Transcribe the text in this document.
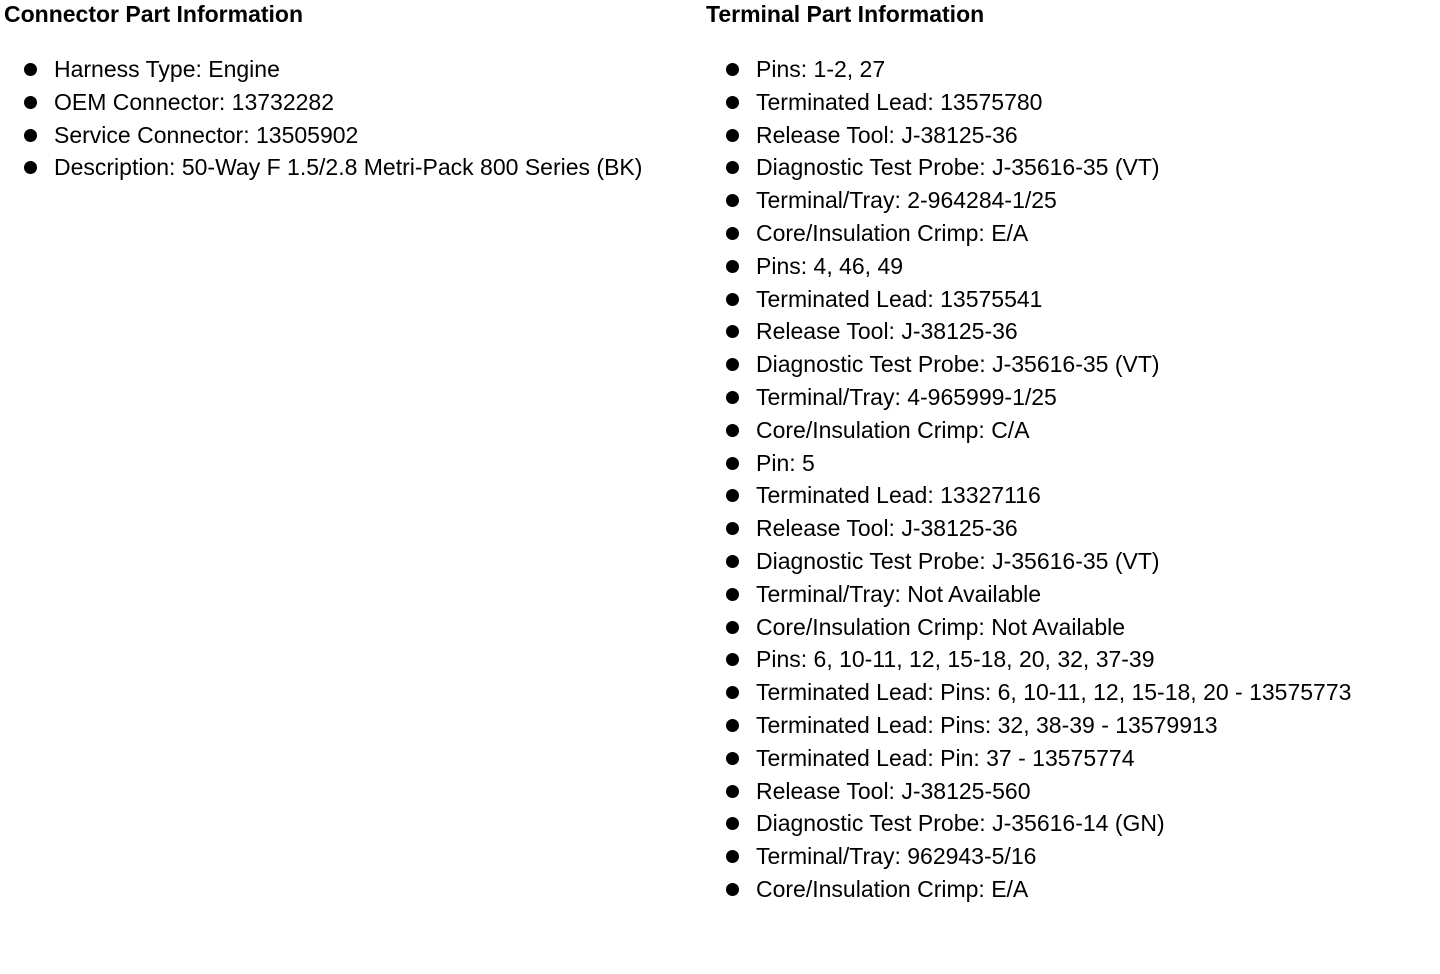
Connector Part Information
Harness Type: Engine
OEM Connector: 13732282
Service Connector: 13505902
Description: 50-Way F 1.5/2.8 Metri-Pack 800 Series (BK)
Terminal Part Information
Pins: 1-2, 27
Terminated Lead: 13575780
Release Tool: J-38125-36
Diagnostic Test Probe: J-35616-35 (VT)
Terminal/Tray: 2-964284-1/25
Core/Insulation Crimp: E/A
Pins: 4, 46, 49
Terminated Lead: 13575541
Release Tool: J-38125-36
Diagnostic Test Probe: J-35616-35 (VT)
Terminal/Tray: 4-965999-1/25
Core/Insulation Crimp: C/A
Pin: 5
Terminated Lead: 13327116
Release Tool: J-38125-36
Diagnostic Test Probe: J-35616-35 (VT)
Terminal/Tray: Not Available
Core/Insulation Crimp: Not Available
Pins: 6, 10-11, 12, 15-18, 20, 32, 37-39
Terminated Lead: Pins: 6, 10-11, 12, 15-18, 20 - 13575773
Terminated Lead: Pins: 32, 38-39 - 13579913
Terminated Lead: Pin: 37 - 13575774
Release Tool: J-38125-560
Diagnostic Test Probe: J-35616-14 (GN)
Terminal/Tray: 962943-5/16
Core/Insulation Crimp: E/A
